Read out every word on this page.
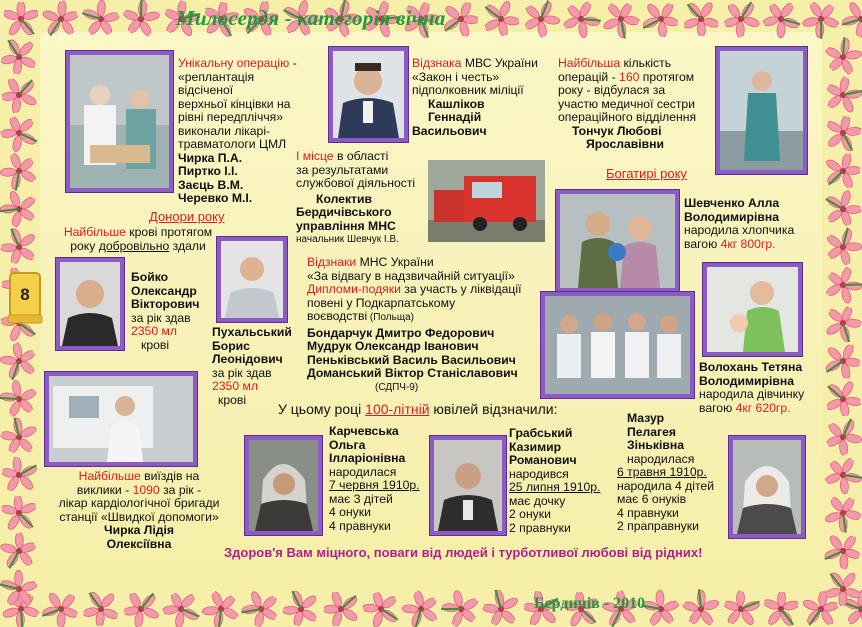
Милосердя - категорія вічна
8
Унікальну операцію -
«реплантація відсіченої
верхньої кінцівки на
рівні передпліччя»
виконали лікарі-
травматологи ЦМЛ
Чирка П.А.
Пиртко І.І.
Заєць В.М.
Черевко М.І.
Відзнака МВС України
«Закон і честь»
підполковник міліції
Кашліков
Геннадій
Васильович
І місце в області
за результатами
службової діяльності
Колектив
Бердичівського
управління МНС
начальник Шевчук І.В.
Найбільша кількість
операцій - 160 протягом
року - відбулася за
участю медичної сестри
операційного відділення
Тончук Любові
Ярославівни
Донори року
Найбільше крові протягом
року добровільно здали
Бойко
Олександр
Вікторович
за рік здав
2350 мл
крові
Пухальський
Борис
Леонідович
за рік здав
2350 мл
крові
Відзнаки МНС України
«За відвагу в надзвичайній ситуації»
Дипломи-подяки за участь у ліквідації
повені у Подкарпатському
воєводстві (Польща)
Бондарчук Дмитро Федорович
Мудрук Олександр Іванович
Пеньківський Василь Васильович
Доманський Віктор Станіславович
(СДПЧ-9)
Богатирі року
Шевченко Алла
Володимирівна
народила хлопчика
вагою 4кг 800гр.
Волохань Тетяна
Володимирівна
народила дівчинку
вагою 4кг 620гр.
Найбільше виїздів на
виклики - 1090 за рік -
лікар кардіологічної бригади
станції «Швидкої допомоги»
Чирка Лідія
Олексіївна
У цьому році 100-літній ювілей відзначили:
Карчевська
Ольга
Ілларіонівна
народилася
7 червня 1910р.
має 3 дітей
4 онуки
4 правнуки
Грабський
Казимир
Романович
народився
25 липня 1910р.
має дочку
2 онуки
2 правнуки
Мазур
Пелагея
Зіньківна
народилася
6 травня 1910р.
народила 4 дітей
має 6 онуків
4 правнуки
2 праправнуки
Здоров'я Вам міцного, поваги від людей і турботливої любові від рідних!
Бердичів - 2010
